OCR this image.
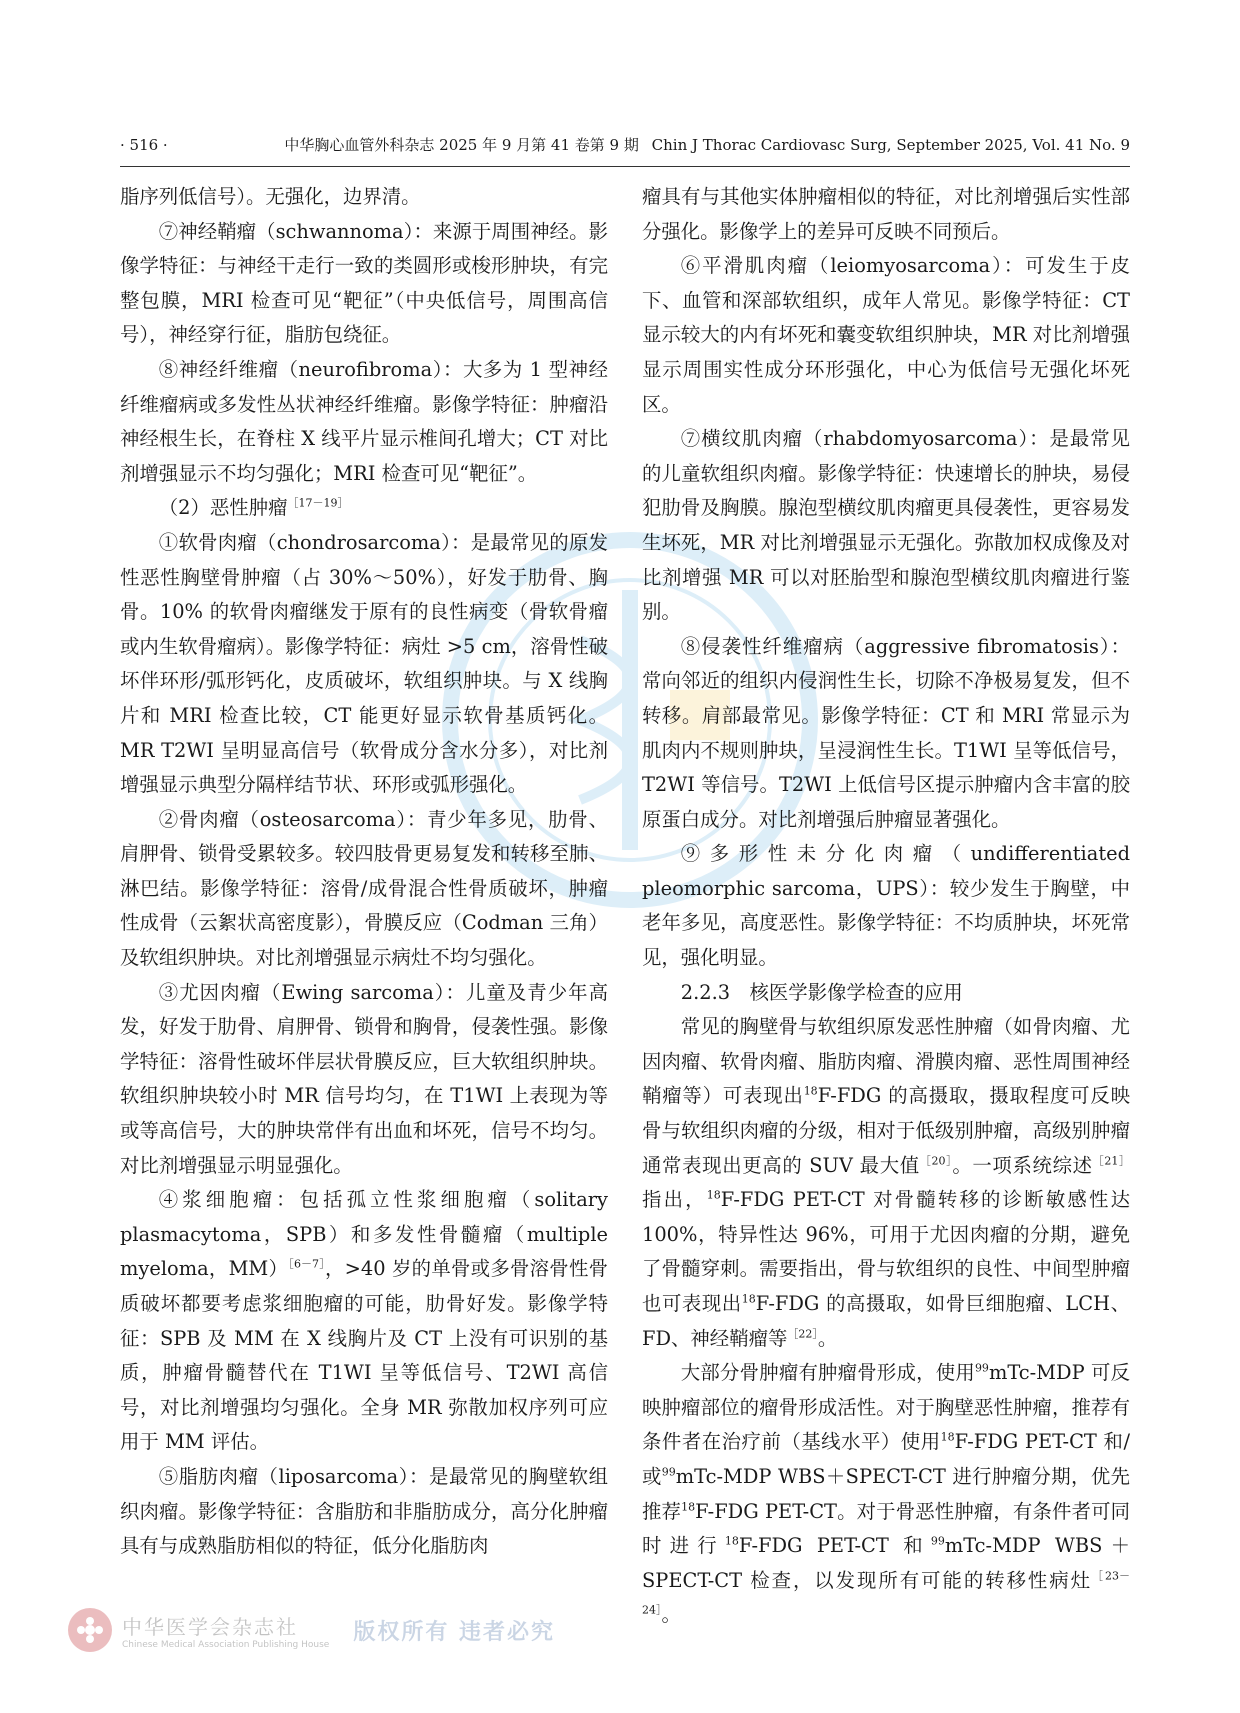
· 516 ·	中华胸心血管外科杂志 2025 年 9 月第 41 卷第 9 期 Chin J Thorac Cardiovasc Surg, September 2025, Vol. 41 No. 9

脂序列低信号）。无强化，边界清。

⑦神经鞘瘤（schwannoma）：来源于周围神经。影像学特征：与神经干走行一致的类圆形或梭形肿块，有完整包膜，MRI 检查可见“靶征”（中央低信号，周围高信号），神经穿行征，脂肪包绕征。

⑧神经纤维瘤（neurofibroma）：大多为 1 型神经纤维瘤病或多发性丛状神经纤维瘤。影像学特征：肿瘤沿神经根生长，在脊柱 X 线平片显示椎间孔增大；CT 对比剂增强显示不均匀强化；MRI 检查可见“靶征”。

（2）恶性肿瘤$^{[17-19]}$

①软骨肉瘤（chondrosarcoma）：是最常见的原发性恶性胸壁骨肿瘤（占 30%～50%），好发于肋骨、胸骨。10% 的软骨肉瘤继发于原有的良性病变（骨软骨瘤或内生软骨瘤病）。影像学特征：病灶 >5 cm，溶骨性破坏伴环形/弧形钙化，皮质破坏，软组织肿块。与 X 线胸片和 MRI 检查比较，CT 能更好显示软骨基质钙化。MR T2WI 呈明显高信号（软骨成分含水分多），对比剂增强显示典型分隔样结节状、环形或弧形强化。

②骨肉瘤（osteosarcoma）：青少年多见，肋骨、肩胛骨、锁骨受累较多。较四肢骨更易复发和转移至肺、淋巴结。影像学特征：溶骨/成骨混合性骨质破坏，肿瘤性成骨（云絮状高密度影），骨膜反应（Codman 三角）及软组织肿块。对比剂增强显示病灶不均匀强化。

③尤因肉瘤（Ewing sarcoma）：儿童及青少年高发，好发于肋骨、肩胛骨、锁骨和胸骨，侵袭性强。影像学特征：溶骨性破坏伴层状骨膜反应，巨大软组织肿块。软组织肿块较小时 MR 信号均匀，在 T1WI 上表现为等或等高信号，大的肿块常伴有出血和坏死，信号不均匀。对比剂增强显示明显强化。

④浆细胞瘤：包括孤立性浆细胞瘤（solitary plasmacytoma，SPB）和多发性骨髓瘤（multiple myeloma，MM）$^{[6-7]}$，>40 岁的单骨或多骨溶骨性骨质破坏都要考虑浆细胞瘤的可能，肋骨好发。影像学特征：SPB 及 MM 在 X 线胸片及 CT 上没有可识别的基质，肿瘤骨髓替代在 T1WI 呈等低信号、T2WI 高信号，对比剂增强均匀强化。全身 MR 弥散加权序列可应用于 MM 评估。

⑤脂肪肉瘤（liposarcoma）：是最常见的胸壁软组织肉瘤。影像学特征：含脂肪和非脂肪成分，高分化肿瘤具有与成熟脂肪相似的特征，低分化脂肪肉

瘤具有与其他实体肿瘤相似的特征，对比剂增强后实性部分强化。影像学上的差异可反映不同预后。

⑥平滑肌肉瘤（leiomyosarcoma）：可发生于皮下、血管和深部软组织，成年人常见。影像学特征：CT 显示较大的内有坏死和囊变软组织肿块，MR 对比剂增强显示周围实性成分环形强化，中心为低信号无强化坏死区。

⑦横纹肌肉瘤（rhabdomyosarcoma）：是最常见的儿童软组织肉瘤。影像学特征：快速增长的肿块，易侵犯肋骨及胸膜。腺泡型横纹肌肉瘤更具侵袭性，更容易发生坏死，MR 对比剂增强显示无强化。弥散加权成像及对比剂增强 MR 可以对胚胎型和腺泡型横纹肌肉瘤进行鉴别。

⑧侵袭性纤维瘤病（aggressive fibromatosis）：常向邻近的组织内侵润性生长，切除不净极易复发，但不转移。肩部最常见。影像学特征：CT 和 MRI 常显示为肌肉内不规则肿块，呈浸润性生长。T1WI 呈等低信号，T2WI 等信号。T2WI 上低信号区提示肿瘤内含丰富的胶原蛋白成分。对比剂增强后肿瘤显著强化。

⑨多形性未分化肉瘤（undifferentiated pleomorphic sarcoma，UPS）：较少发生于胸壁，中老年多见，高度恶性。影像学特征：不均质肿块，坏死常见，强化明显。

2.2.3　核医学影像学检查的应用

常见的胸壁骨与软组织原发恶性肿瘤（如骨肉瘤、尤因肉瘤、软骨肉瘤、脂肪肉瘤、滑膜肉瘤、恶性周围神经鞘瘤等）可表现出$^{18}$F-FDG 的高摄取，摄取程度可反映骨与软组织肉瘤的分级，相对于低级别肿瘤，高级别肿瘤通常表现出更高的 SUV 最大值$^{[20]}$。一项系统综述$^{[21]}$指出，$^{18}$F-FDG PET-CT 对骨髓转移的诊断敏感性达 100%，特异性达 96%，可用于尤因肉瘤的分期，避免了骨髓穿刺。需要指出，骨与软组织的良性、中间型肿瘤也可表现出$^{18}$F-FDG 的高摄取，如骨巨细胞瘤、LCH、FD、神经鞘瘤等$^{[22]}$。

大部分骨肿瘤有肿瘤骨形成，使用$^{99}$mTc-MDP 可反映肿瘤部位的瘤骨形成活性。对于胸壁恶性肿瘤，推荐有条件者在治疗前（基线水平）使用$^{18}$F-FDG PET-CT 和/或$^{99}$mTc-MDP WBS＋SPECT-CT 进行肿瘤分期，优先推荐$^{18}$F-FDG PET-CT。对于骨恶性肿瘤，有条件者可同时进行$^{18}$F-FDG PET-CT 和$^{99}$mTc-MDP WBS＋SPECT-CT 检查，以发现所有可能的转移性病灶$^{[23-24]}$。

中华医学会杂志社
Chinese Medical Association Publishing House 版权所有 违者必究
